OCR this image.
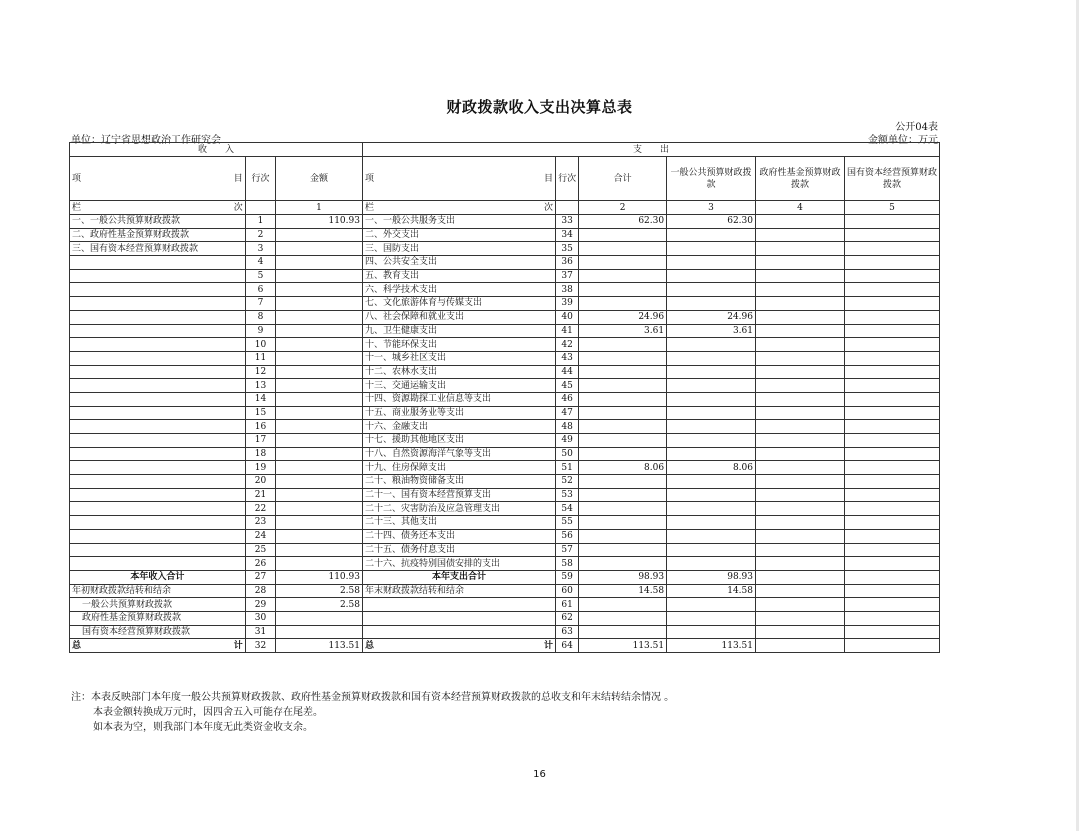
财政拨款收入支出决算总表
公开04表
单位：辽宁省思想政治工作研究会	金额单位：万元
收　　入			支　　出					

项 目	行次	金额	项 目	行次	合计	一般公共预算财政拨款	政府性基金预算财政拨款	国有资本经营预算财政拨款

栏 次		1	栏 次		2	3	4	5
一、一般公共预算财政拨款	1	110.93	一、一般公共服务支出	33	62.30	62.30		
二、政府性基金预算财政拨款	2		二、外交支出	34				
三、国有资本经营预算财政拨款	3		三、国防支出	35				
	4		四、公共安全支出	36				
	5		五、教育支出	37				
	6		六、科学技术支出	38				
	7		七、文化旅游体育与传媒支出	39				
	8		八、社会保障和就业支出	40	24.96	24.96		
	9		九、卫生健康支出	41	3.61	3.61		
	10		十、节能环保支出	42				
	11		十一、城乡社区支出	43				
	12		十二、农林水支出	44				
	13		十三、交通运输支出	45				
	14		十四、资源勘探工业信息等支出	46				
	15		十五、商业服务业等支出	47				
	16		十六、金融支出	48				
	17		十七、援助其他地区支出	49				
	18		十八、自然资源海洋气象等支出	50				
	19		十九、住房保障支出	51	8.06	8.06		
	20		二十、粮油物资储备支出	52				
	21		二十一、国有资本经营预算支出	53				
	22		二十二、灾害防治及应急管理支出	54				
	23		二十三、其他支出	55				
	24		二十四、债务还本支出	56				
	25		二十五、债务付息支出	57				
	26		二十六、抗疫特别国债安排的支出	58				
本年收入合计	27	110.93	本年支出合计	59	98.93	98.93		
年初财政拨款结转和结余	28	2.58	年末财政拨款结转和结余	60	14.58	14.58		
一般公共预算财政拨款	29	2.58		61				
政府性基金预算财政拨款	30			62				
国有资本经营预算财政拨款	31			63				

总 计	32	113.51	总 计	64	113.51	113.51		
注：本表反映部门本年度一般公共预算财政拨款、政府性基金预算财政拨款和国有资本经营预算财政拨款的总收支和年末结转结余情况 。
本表金额转换成万元时，因四舍五入可能存在尾差。
如本表为空，则我部门本年度无此类资金收支余。
16
